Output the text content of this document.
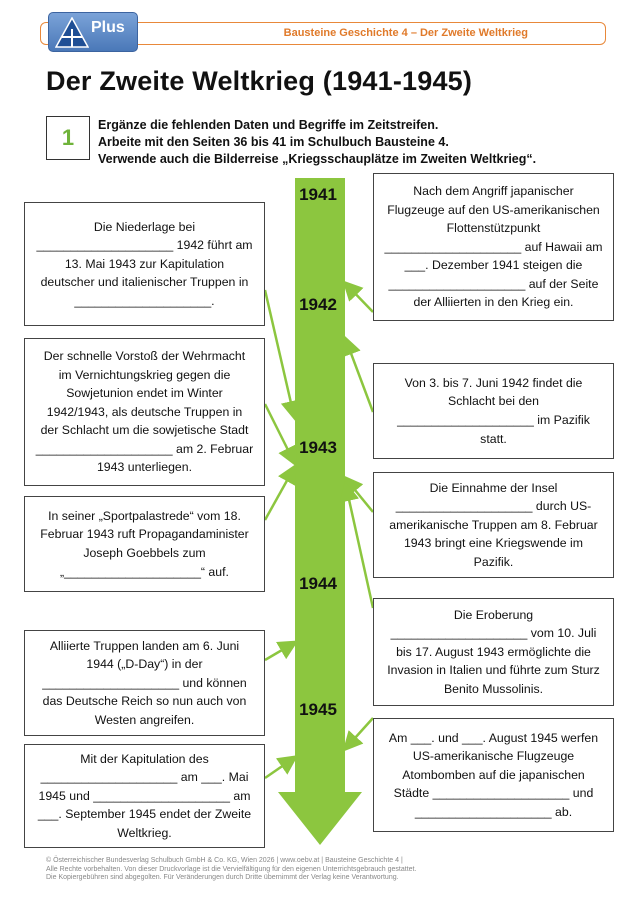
Plus	Bausteine Geschichte 4 – Der Zweite Weltkrieg
Der Zweite Weltkrieg (1941-1945)
1	Ergänze die fehlenden Daten und Begriffe im Zeitstreifen.
Arbeite mit den Seiten 36 bis 41 im Schulbuch Bausteine 4.
Verwende auch die Bilderreise „Kriegsschauplätze im Zweiten Weltkrieg“.
1941
1942
1943
1944
1945
Die Niederlage bei
____________________ 1942 führt am
13. Mai 1943 zur Kapitulation
deutscher und italienischer Truppen in
____________________.
Der schnelle Vorstoß der Wehrmacht
im Vernichtungskrieg gegen die
Sowjetunion endet im Winter
1942/1943, als deutsche Truppen in
der Schlacht um die sowjetische Stadt
____________________ am 2. Februar
1943 unterliegen.
In seiner „Sportpalastrede“ vom 18.
Februar 1943 ruft Propagandaminister
Joseph Goebbels zum
„____________________“ auf.
Alliierte Truppen landen am 6. Juni
1944 („D-Day“) in der
____________________ und können
das Deutsche Reich so nun auch von
Westen angreifen.
Mit der Kapitulation des
____________________ am ___. Mai
1945 und ____________________ am
___. September 1945 endet der Zweite
Weltkrieg.
Nach dem Angriff japanischer
Flugzeuge auf den US-amerikanischen
Flottenstützpunkt
____________________ auf Hawaii am
___. Dezember 1941 steigen die
____________________ auf der Seite
der Alliierten in den Krieg ein.
Von 3. bis 7. Juni 1942 findet die
Schlacht bei den
____________________ im Pazifik
statt.
Die Einnahme der Insel
____________________ durch US-
amerikanische Truppen am 8. Februar
1943 bringt eine Kriegswende im
Pazifik.
Die Eroberung
____________________ vom 10. Juli
bis 17. August 1943 ermöglichte die
Invasion in Italien und führte zum Sturz
Benito Mussolinis.
Am ___. und ___. August 1945 werfen
US-amerikanische Flugzeuge
Atombomben auf die japanischen
Städte ____________________ und
____________________ ab.
© Österreichischer Bundesverlag Schulbuch GmbH & Co. KG, Wien 2026 | www.oebv.at | Bausteine Geschichte 4 |
Alle Rechte vorbehalten. Von dieser Druckvorlage ist die Vervielfältigung für den eigenen Unterrichtsgebrauch gestattet.
Die Kopiergebühren sind abgegolten. Für Veränderungen durch Dritte übernimmt der Verlag keine Verantwortung.
